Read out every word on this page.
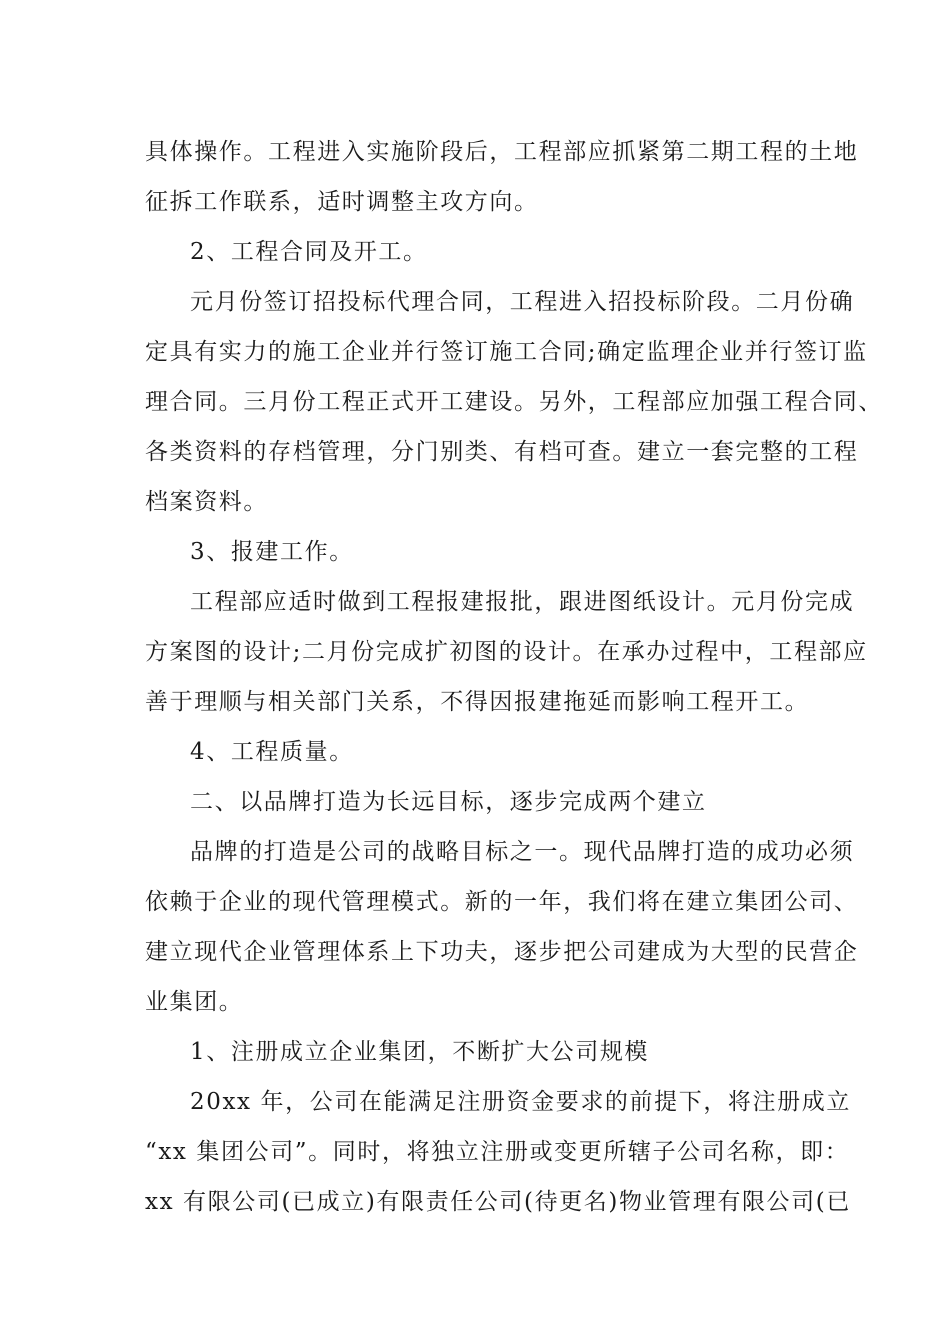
具体操作。工程进入实施阶段后，工程部应抓紧第二期工程的土地
征拆工作联系，适时调整主攻方向。
2、工程合同及开工。
元月份签订招投标代理合同，工程进入招投标阶段。二月份确
定具有实力的施工企业并行签订施工合同;确定监理企业并行签订监
理合同。三月份工程正式开工建设。另外，工程部应加强工程合同、
各类资料的存档管理，分门别类、有档可查。建立一套完整的工程
档案资料。
3、报建工作。
工程部应适时做到工程报建报批，跟进图纸设计。元月份完成
方案图的设计;二月份完成扩初图的设计。在承办过程中，工程部应
善于理顺与相关部门关系，不得因报建拖延而影响工程开工。
4、工程质量。
二、以品牌打造为长远目标，逐步完成两个建立
品牌的打造是公司的战略目标之一。现代品牌打造的成功必须
依赖于企业的现代管理模式。新的一年，我们将在建立集团公司、
建立现代企业管理体系上下功夫，逐步把公司建成为大型的民营企
业集团。
1、注册成立企业集团，不断扩大公司规模
20xx 年，公司在能满足注册资金要求的前提下，将注册成立
“xx 集团公司”。同时，将独立注册或变更所辖子公司名称，即：
xx 有限公司(已成立)有限责任公司(待更名)物业管理有限公司(已
